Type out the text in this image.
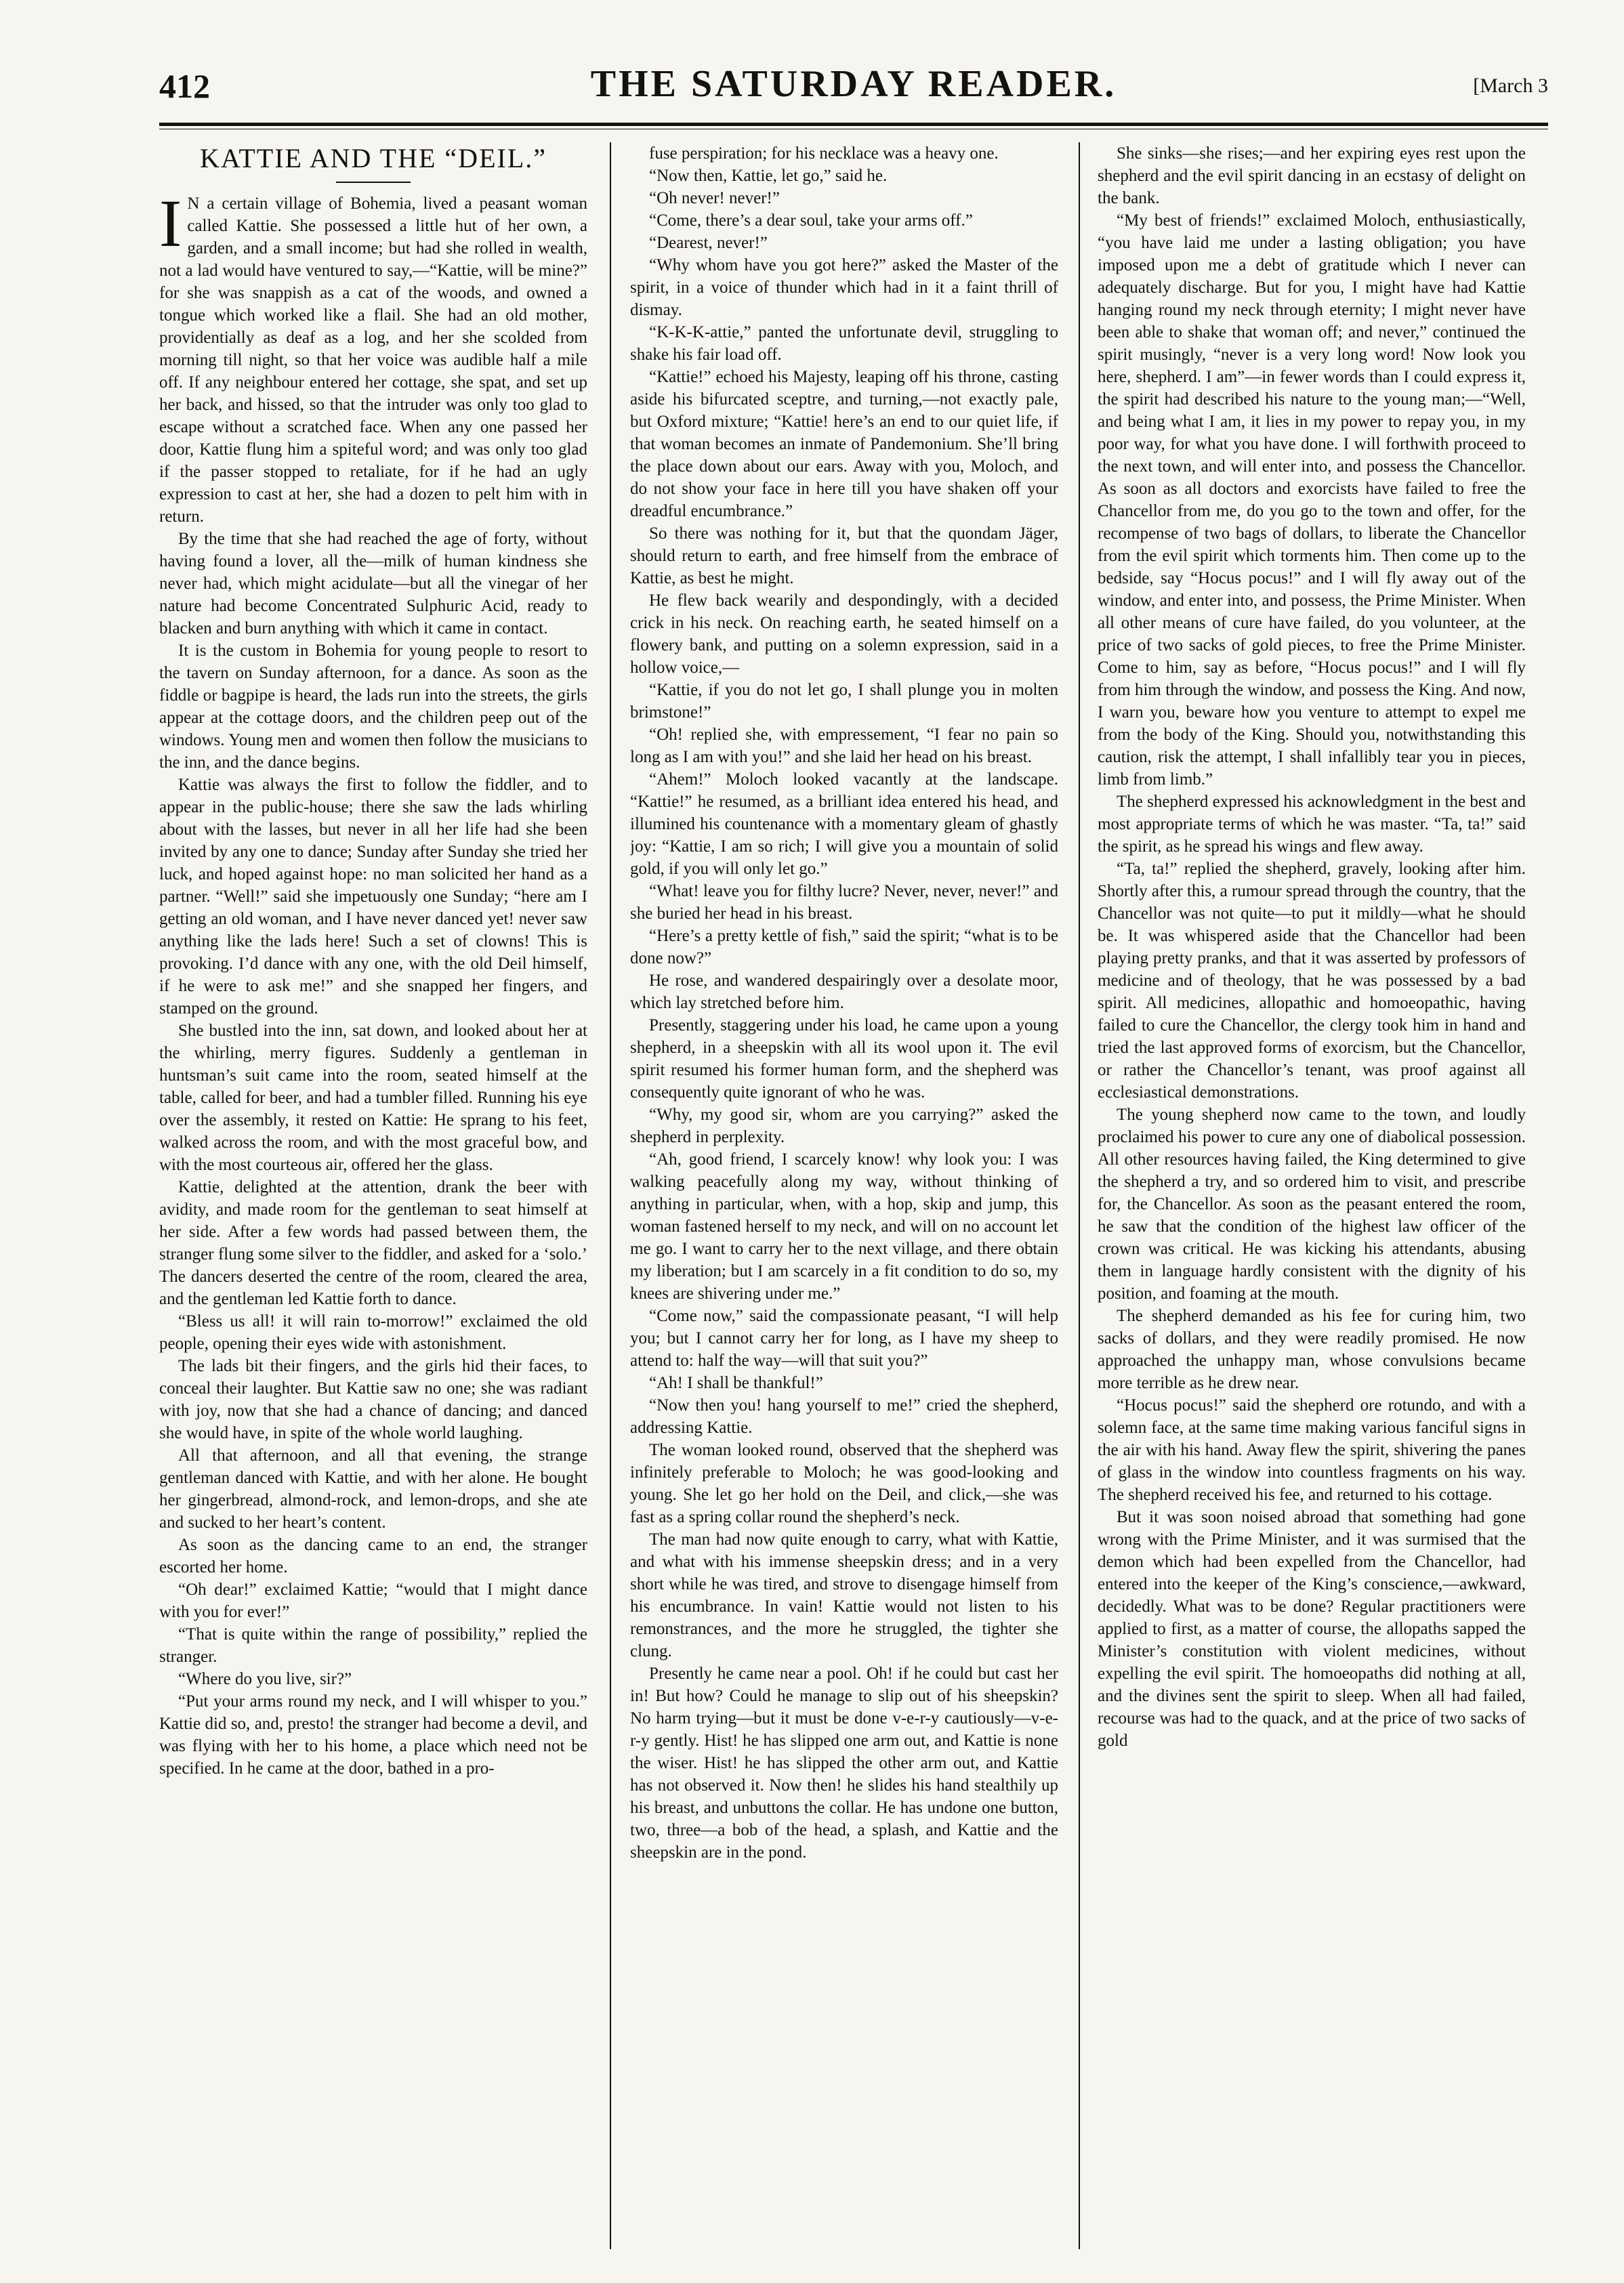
412	THE SATURDAY READER.	[March 3
KATTIE AND THE “DEIL.”

I N a certain village of Bohemia, lived a peasant woman called Kattie. She possessed a little hut of her own, a garden, and a small income; but had she rolled in wealth, not a lad would have ventured to say,—“Kattie, will be mine?” for she was snappish as a cat of the woods, and owned a tongue which worked like a flail. She had an old mother, providentially as deaf as a log, and her she scolded from morning till night, so that her voice was audible half a mile off. If any neighbour entered her cottage, she spat, and set up her back, and hissed, so that the intruder was only too glad to escape without a scratched face. When any one passed her door, Kattie flung him a spiteful word; and was only too glad if the passer stopped to retaliate, for if he had an ugly expression to cast at her, she had a dozen to pelt him with in return.

By the time that she had reached the age of forty, without having found a lover, all the—milk of human kindness she never had, which might acidulate—but all the vinegar of her nature had become Concentrated Sulphuric Acid, ready to blacken and burn anything with which it came in contact.

It is the custom in Bohemia for young people to resort to the tavern on Sunday afternoon, for a dance. As soon as the fiddle or bagpipe is heard, the lads run into the streets, the girls appear at the cottage doors, and the children peep out of the windows. Young men and women then follow the musicians to the inn, and the dance begins.

Kattie was always the first to follow the fiddler, and to appear in the public-house; there she saw the lads whirling about with the lasses, but never in all her life had she been invited by any one to dance; Sunday after Sunday she tried her luck, and hoped against hope: no man solicited her hand as a partner. “Well!” said she impetuously one Sunday; “here am I getting an old woman, and I have never danced yet! never saw anything like the lads here! Such a set of clowns! This is provoking. I’d dance with any one, with the old Deil himself, if he were to ask me!” and she snapped her fingers, and stamped on the ground.

She bustled into the inn, sat down, and looked about her at the whirling, merry figures. Suddenly a gentleman in huntsman’s suit came into the room, seated himself at the table, called for beer, and had a tumbler filled. Running his eye over the assembly, it rested on Kattie: He sprang to his feet, walked across the room, and with the most graceful bow, and with the most courteous air, offered her the glass.

Kattie, delighted at the attention, drank the beer with avidity, and made room for the gentleman to seat himself at her side. After a few words had passed between them, the stranger flung some silver to the fiddler, and asked for a ‘solo.’ The dancers deserted the centre of the room, cleared the area, and the gentleman led Kattie forth to dance.

“Bless us all! it will rain to-morrow!” exclaimed the old people, opening their eyes wide with astonishment.

The lads bit their fingers, and the girls hid their faces, to conceal their laughter. But Kattie saw no one; she was radiant with joy, now that she had a chance of dancing; and danced she would have, in spite of the whole world laughing.

All that afternoon, and all that evening, the strange gentleman danced with Kattie, and with her alone. He bought her gingerbread, almond-rock, and lemon-drops, and she ate and sucked to her heart’s content.

As soon as the dancing came to an end, the stranger escorted her home.

“Oh dear!” exclaimed Kattie; “would that I might dance with you for ever!”

“That is quite within the range of possibility,” replied the stranger.

“Where do you live, sir?”

“Put your arms round my neck, and I will whisper to you.” Kattie did so, and, presto! the stranger had become a devil, and was flying with her to his home, a place which need not be specified. In he came at the door, bathed in a pro-

fuse perspiration; for his necklace was a heavy one.

“Now then, Kattie, let go,” said he.

“Oh never! never!”

“Come, there’s a dear soul, take your arms off.”

“Dearest, never!”

“Why whom have you got here?” asked the Master of the spirit, in a voice of thunder which had in it a faint thrill of dismay.

“K-K-K-attie,” panted the unfortunate devil, struggling to shake his fair load off.

“Kattie!” echoed his Majesty, leaping off his throne, casting aside his bifurcated sceptre, and turning,—not exactly pale, but Oxford mixture; “Kattie! here’s an end to our quiet life, if that woman becomes an inmate of Pandemonium. She’ll bring the place down about our ears. Away with you, Moloch, and do not show your face in here till you have shaken off your dreadful encumbrance.”

So there was nothing for it, but that the quondam Jäger, should return to earth, and free himself from the embrace of Kattie, as best he might.

He flew back wearily and despondingly, with a decided crick in his neck. On reaching earth, he seated himself on a flowery bank, and putting on a solemn expression, said in a hollow voice,—

“Kattie, if you do not let go, I shall plunge you in molten brimstone!”

“Oh! replied she, with empressement, “I fear no pain so long as I am with you!” and she laid her head on his breast.

“Ahem!” Moloch looked vacantly at the landscape. “Kattie!” he resumed, as a brilliant idea entered his head, and illumined his countenance with a momentary gleam of ghastly joy: “Kattie, I am so rich; I will give you a mountain of solid gold, if you will only let go.”

“What! leave you for filthy lucre? Never, never, never!” and she buried her head in his breast.

“Here’s a pretty kettle of fish,” said the spirit; “what is to be done now?”

He rose, and wandered despairingly over a desolate moor, which lay stretched before him.

Presently, staggering under his load, he came upon a young shepherd, in a sheepskin with all its wool upon it. The evil spirit resumed his former human form, and the shepherd was consequently quite ignorant of who he was.

“Why, my good sir, whom are you carrying?” asked the shepherd in perplexity.

“Ah, good friend, I scarcely know! why look you: I was walking peacefully along my way, without thinking of anything in particular, when, with a hop, skip and jump, this woman fastened herself to my neck, and will on no account let me go. I want to carry her to the next village, and there obtain my liberation; but I am scarcely in a fit condition to do so, my knees are shivering under me.”

“Come now,” said the compassionate peasant, “I will help you; but I cannot carry her for long, as I have my sheep to attend to: half the way—will that suit you?”

“Ah! I shall be thankful!”

“Now then you! hang yourself to me!” cried the shepherd, addressing Kattie.

The woman looked round, observed that the shepherd was infinitely preferable to Moloch; he was good-looking and young. She let go her hold on the Deil, and click,—she was fast as a spring collar round the shepherd’s neck.

The man had now quite enough to carry, what with Kattie, and what with his immense sheepskin dress; and in a very short while he was tired, and strove to disengage himself from his encumbrance. In vain! Kattie would not listen to his remonstrances, and the more he struggled, the tighter she clung.

Presently he came near a pool. Oh! if he could but cast her in! But how? Could he manage to slip out of his sheepskin? No harm trying—but it must be done v-e-r-y cautiously—v-e-r-y gently. Hist! he has slipped one arm out, and Kattie is none the wiser. Hist! he has slipped the other arm out, and Kattie has not observed it. Now then! he slides his hand stealthily up his breast, and unbuttons the collar. He has undone one button, two, three—a bob of the head, a splash, and Kattie and the sheepskin are in the pond.

She sinks—she rises;—and her expiring eyes rest upon the shepherd and the evil spirit dancing in an ecstasy of delight on the bank.

“My best of friends!” exclaimed Moloch, enthusiastically, “you have laid me under a lasting obligation; you have imposed upon me a debt of gratitude which I never can adequately discharge. But for you, I might have had Kattie hanging round my neck through eternity; I might never have been able to shake that woman off; and never,” continued the spirit musingly, “never is a very long word! Now look you here, shepherd. I am”—in fewer words than I could express it, the spirit had described his nature to the young man;—“Well, and being what I am, it lies in my power to repay you, in my poor way, for what you have done. I will forthwith proceed to the next town, and will enter into, and possess the Chancellor. As soon as all doctors and exorcists have failed to free the Chancellor from me, do you go to the town and offer, for the recompense of two bags of dollars, to liberate the Chancellor from the evil spirit which torments him. Then come up to the bedside, say “Hocus pocus!” and I will fly away out of the window, and enter into, and possess, the Prime Minister. When all other means of cure have failed, do you volunteer, at the price of two sacks of gold pieces, to free the Prime Minister. Come to him, say as before, “Hocus pocus!” and I will fly from him through the window, and possess the King. And now, I warn you, beware how you venture to attempt to expel me from the body of the King. Should you, notwithstanding this caution, risk the attempt, I shall infallibly tear you in pieces, limb from limb.”

The shepherd expressed his acknowledgment in the best and most appropriate terms of which he was master. “Ta, ta!” said the spirit, as he spread his wings and flew away.

“Ta, ta!” replied the shepherd, gravely, looking after him. Shortly after this, a rumour spread through the country, that the Chancellor was not quite—to put it mildly—what he should be. It was whispered aside that the Chancellor had been playing pretty pranks, and that it was asserted by professors of medicine and of theology, that he was possessed by a bad spirit. All medicines, allopathic and homoeopathic, having failed to cure the Chancellor, the clergy took him in hand and tried the last approved forms of exorcism, but the Chancellor, or rather the Chancellor’s tenant, was proof against all ecclesiastical demonstrations.

The young shepherd now came to the town, and loudly proclaimed his power to cure any one of diabolical possession. All other resources having failed, the King determined to give the shepherd a try, and so ordered him to visit, and prescribe for, the Chancellor. As soon as the peasant entered the room, he saw that the condition of the highest law officer of the crown was critical. He was kicking his attendants, abusing them in language hardly consistent with the dignity of his position, and foaming at the mouth.

The shepherd demanded as his fee for curing him, two sacks of dollars, and they were readily promised. He now approached the unhappy man, whose convulsions became more terrible as he drew near.

“Hocus pocus!” said the shepherd ore rotundo, and with a solemn face, at the same time making various fanciful signs in the air with his hand. Away flew the spirit, shivering the panes of glass in the window into countless fragments on his way. The shepherd received his fee, and returned to his cottage.

But it was soon noised abroad that something had gone wrong with the Prime Minister, and it was surmised that the demon which had been expelled from the Chancellor, had entered into the keeper of the King’s conscience,—awkward, decidedly. What was to be done? Regular practitioners were applied to first, as a matter of course, the allopaths sapped the Minister’s constitution with violent medicines, without expelling the evil spirit. The homoeopaths did nothing at all, and the divines sent the spirit to sleep. When all had failed, recourse was had to the quack, and at the price of two sacks of gold
